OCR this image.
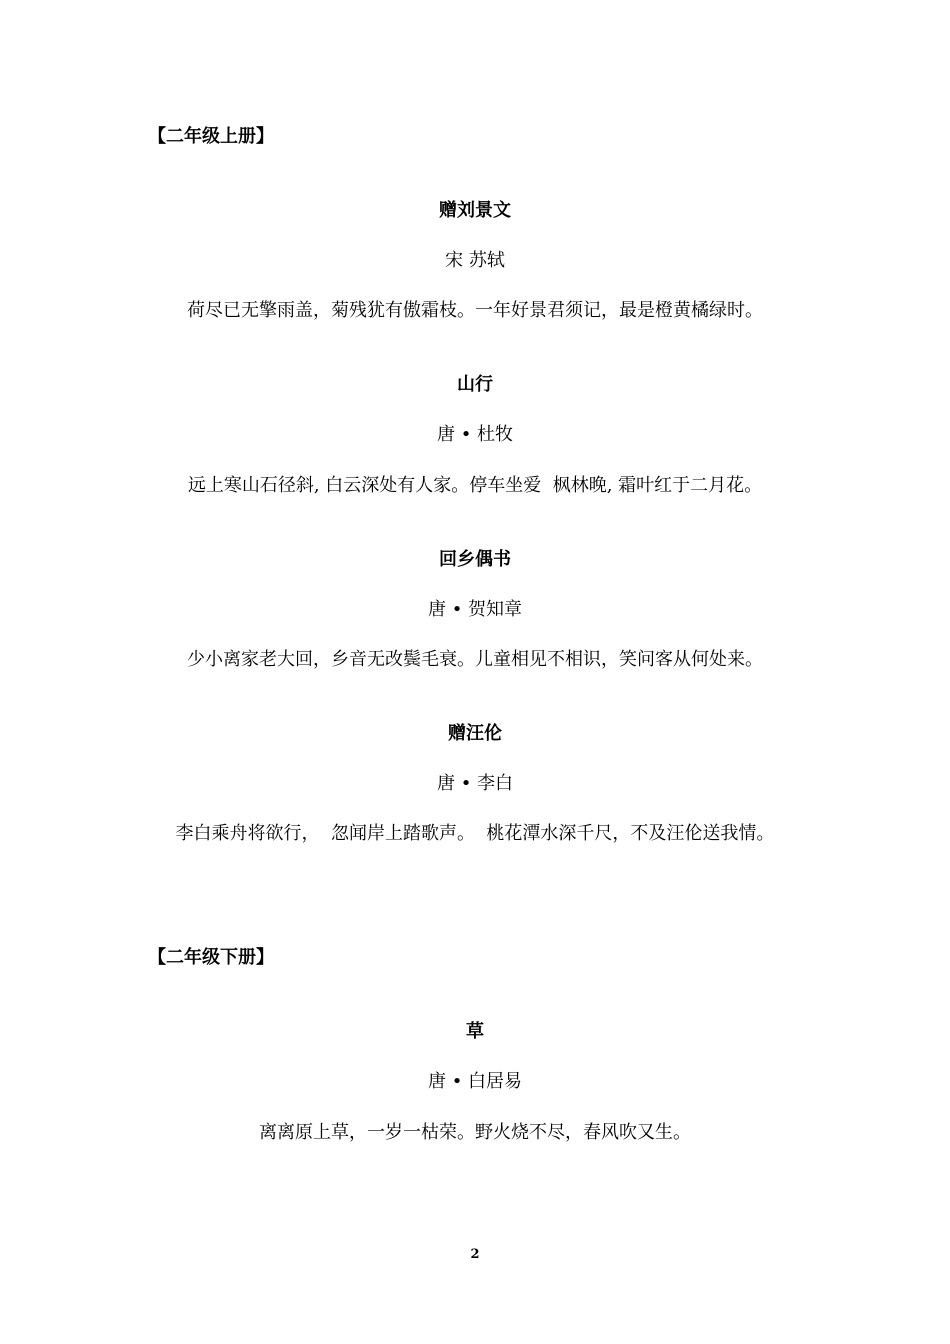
【二年级上册】
赠刘景文
宋 苏轼
荷尽已无擎雨盖，菊残犹有傲霜枝。一年好景君须记，最是橙黄橘绿时。
山行
唐 • 杜牧
远上寒山石径斜, 白云深处有人家。停车坐爱  枫林晚, 霜叶红于二月花。
回乡偶书
唐 • 贺知章
少小离家老大回，乡音无改鬓毛衰。儿童相见不相识，笑问客从何处来。
赠汪伦
唐 • 李白
李白乘舟将欲行，  忽闻岸上踏歌声。  桃花潭水深千尺，不及汪伦送我情。
【二年级下册】
草
唐 • 白居易
离离原上草，一岁一枯荣。野火烧不尽，春风吹又生。
2
